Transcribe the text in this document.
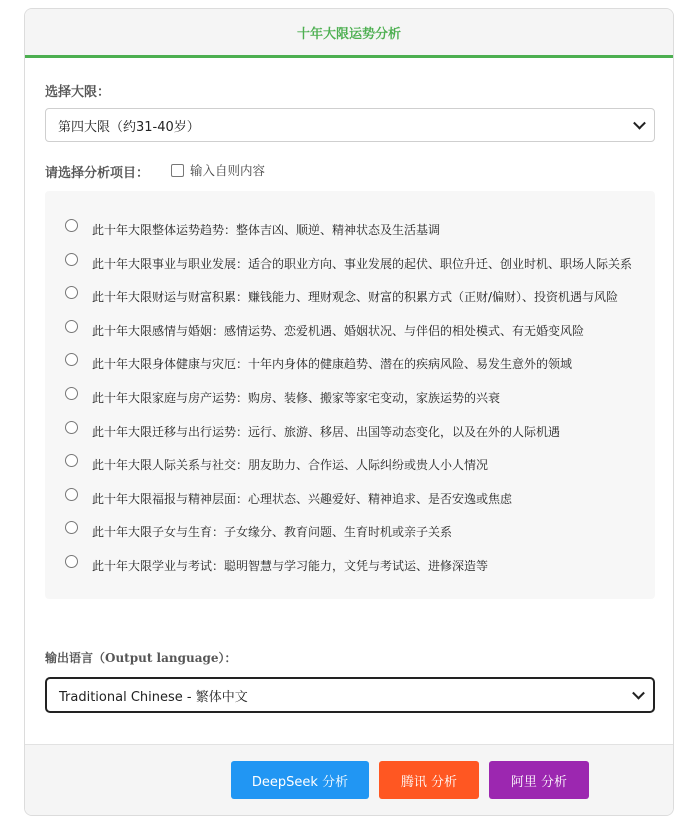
十年大限运势分析
选择大限：
第四大限（约31-40岁）
请选择分析项目：	输入自则内容
此十年大限整体运势趋势：整体吉凶、顺逆、精神状态及生活基调
此十年大限事业与职业发展：适合的职业方向、事业发展的起伏、职位升迁、创业时机、职场人际关系
此十年大限财运与财富积累：赚钱能力、理财观念、财富的积累方式（正财/偏财）、投资机遇与风险
此十年大限感情与婚姻：感情运势、恋爱机遇、婚姻状况、与伴侣的相处模式、有无婚变风险
此十年大限身体健康与灾厄：十年内身体的健康趋势、潜在的疾病风险、易发生意外的领域
此十年大限家庭与房产运势：购房、装修、搬家等家宅变动，家族运势的兴衰
此十年大限迁移与出行运势：远行、旅游、移居、出国等动态变化，以及在外的人际机遇
此十年大限人际关系与社交：朋友助力、合作运、人际纠纷或贵人小人情况
此十年大限福报与精神层面：心理状态、兴趣爱好、精神追求、是否安逸或焦虑
此十年大限子女与生育：子女缘分、教育问题、生育时机或亲子关系
此十年大限学业与考试：聪明智慧与学习能力，文凭与考试运、进修深造等
输出语言（Output language）：
Traditional Chinese - 繁体中文
DeepSeek 分析	腾讯 分析	阿里 分析
